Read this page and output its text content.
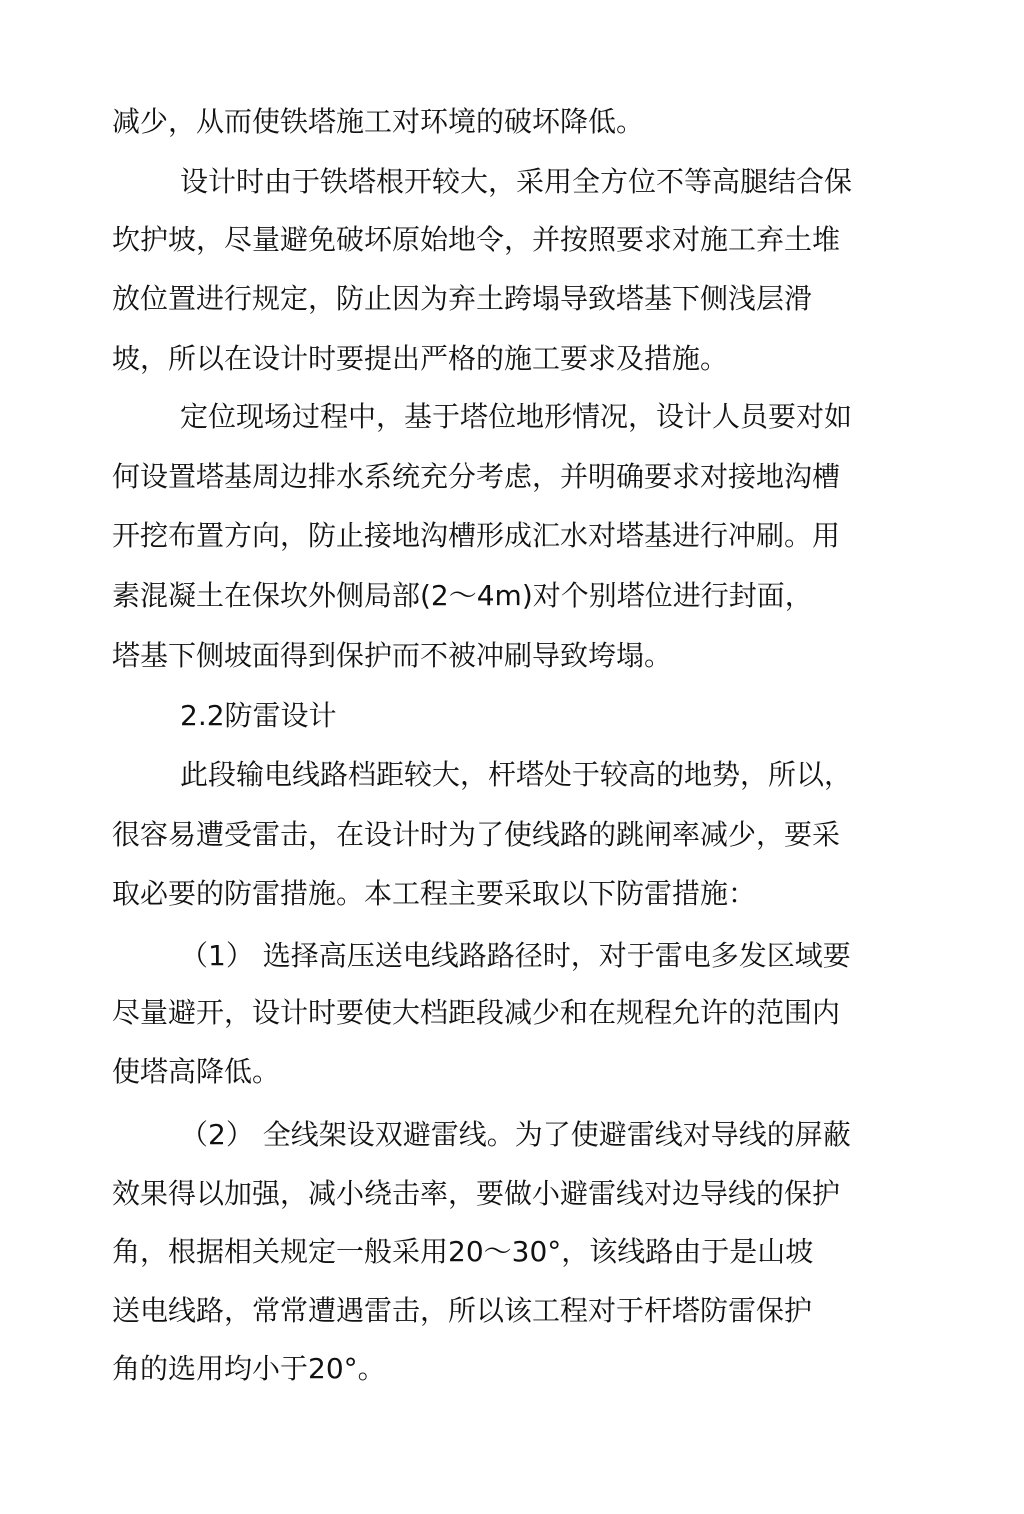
减少，从而使铁塔施工对环境的破坏降低。
设计时由于铁塔根开较大，采用全方位不等高腿结合保
坎护坡，尽量避免破坏原始地令，并按照要求对施工弃土堆
放位置进行规定，防止因为弃土跨塌导致塔基下侧浅层滑
坡，所以在设计时要提出严格的施工要求及措施。
定位现场过程中，基于塔位地形情况，设计人员要对如
何设置塔基周边排水系统充分考虑，并明确要求对接地沟槽
开挖布置方向，防止接地沟槽形成汇水对塔基进行冲刷。用
素混凝土在保坎外侧局部(2～4m)对个别塔位进行封面，
塔基下侧坡面得到保护而不被冲刷导致垮塌。
2.2防雷设计
此段输电线路档距较大，杆塔处于较高的地势，所以，
很容易遭受雷击，在设计时为了使线路的跳闸率减少，要采
取必要的防雷措施。本工程主要采取以下防雷措施：
（1） 选择高压送电线路路径时，对于雷电多发区域要
尽量避开，设计时要使大档距段减少和在规程允许的范围内
使塔高降低。
（2） 全线架设双避雷线。为了使避雷线对导线的屏蔽
效果得以加强，减小绕击率，要做小避雷线对边导线的保护
角，根据相关规定一般采用20～30°，该线路由于是山坡
送电线路，常常遭遇雷击，所以该工程对于杆塔防雷保护
角的选用均小于20°。
